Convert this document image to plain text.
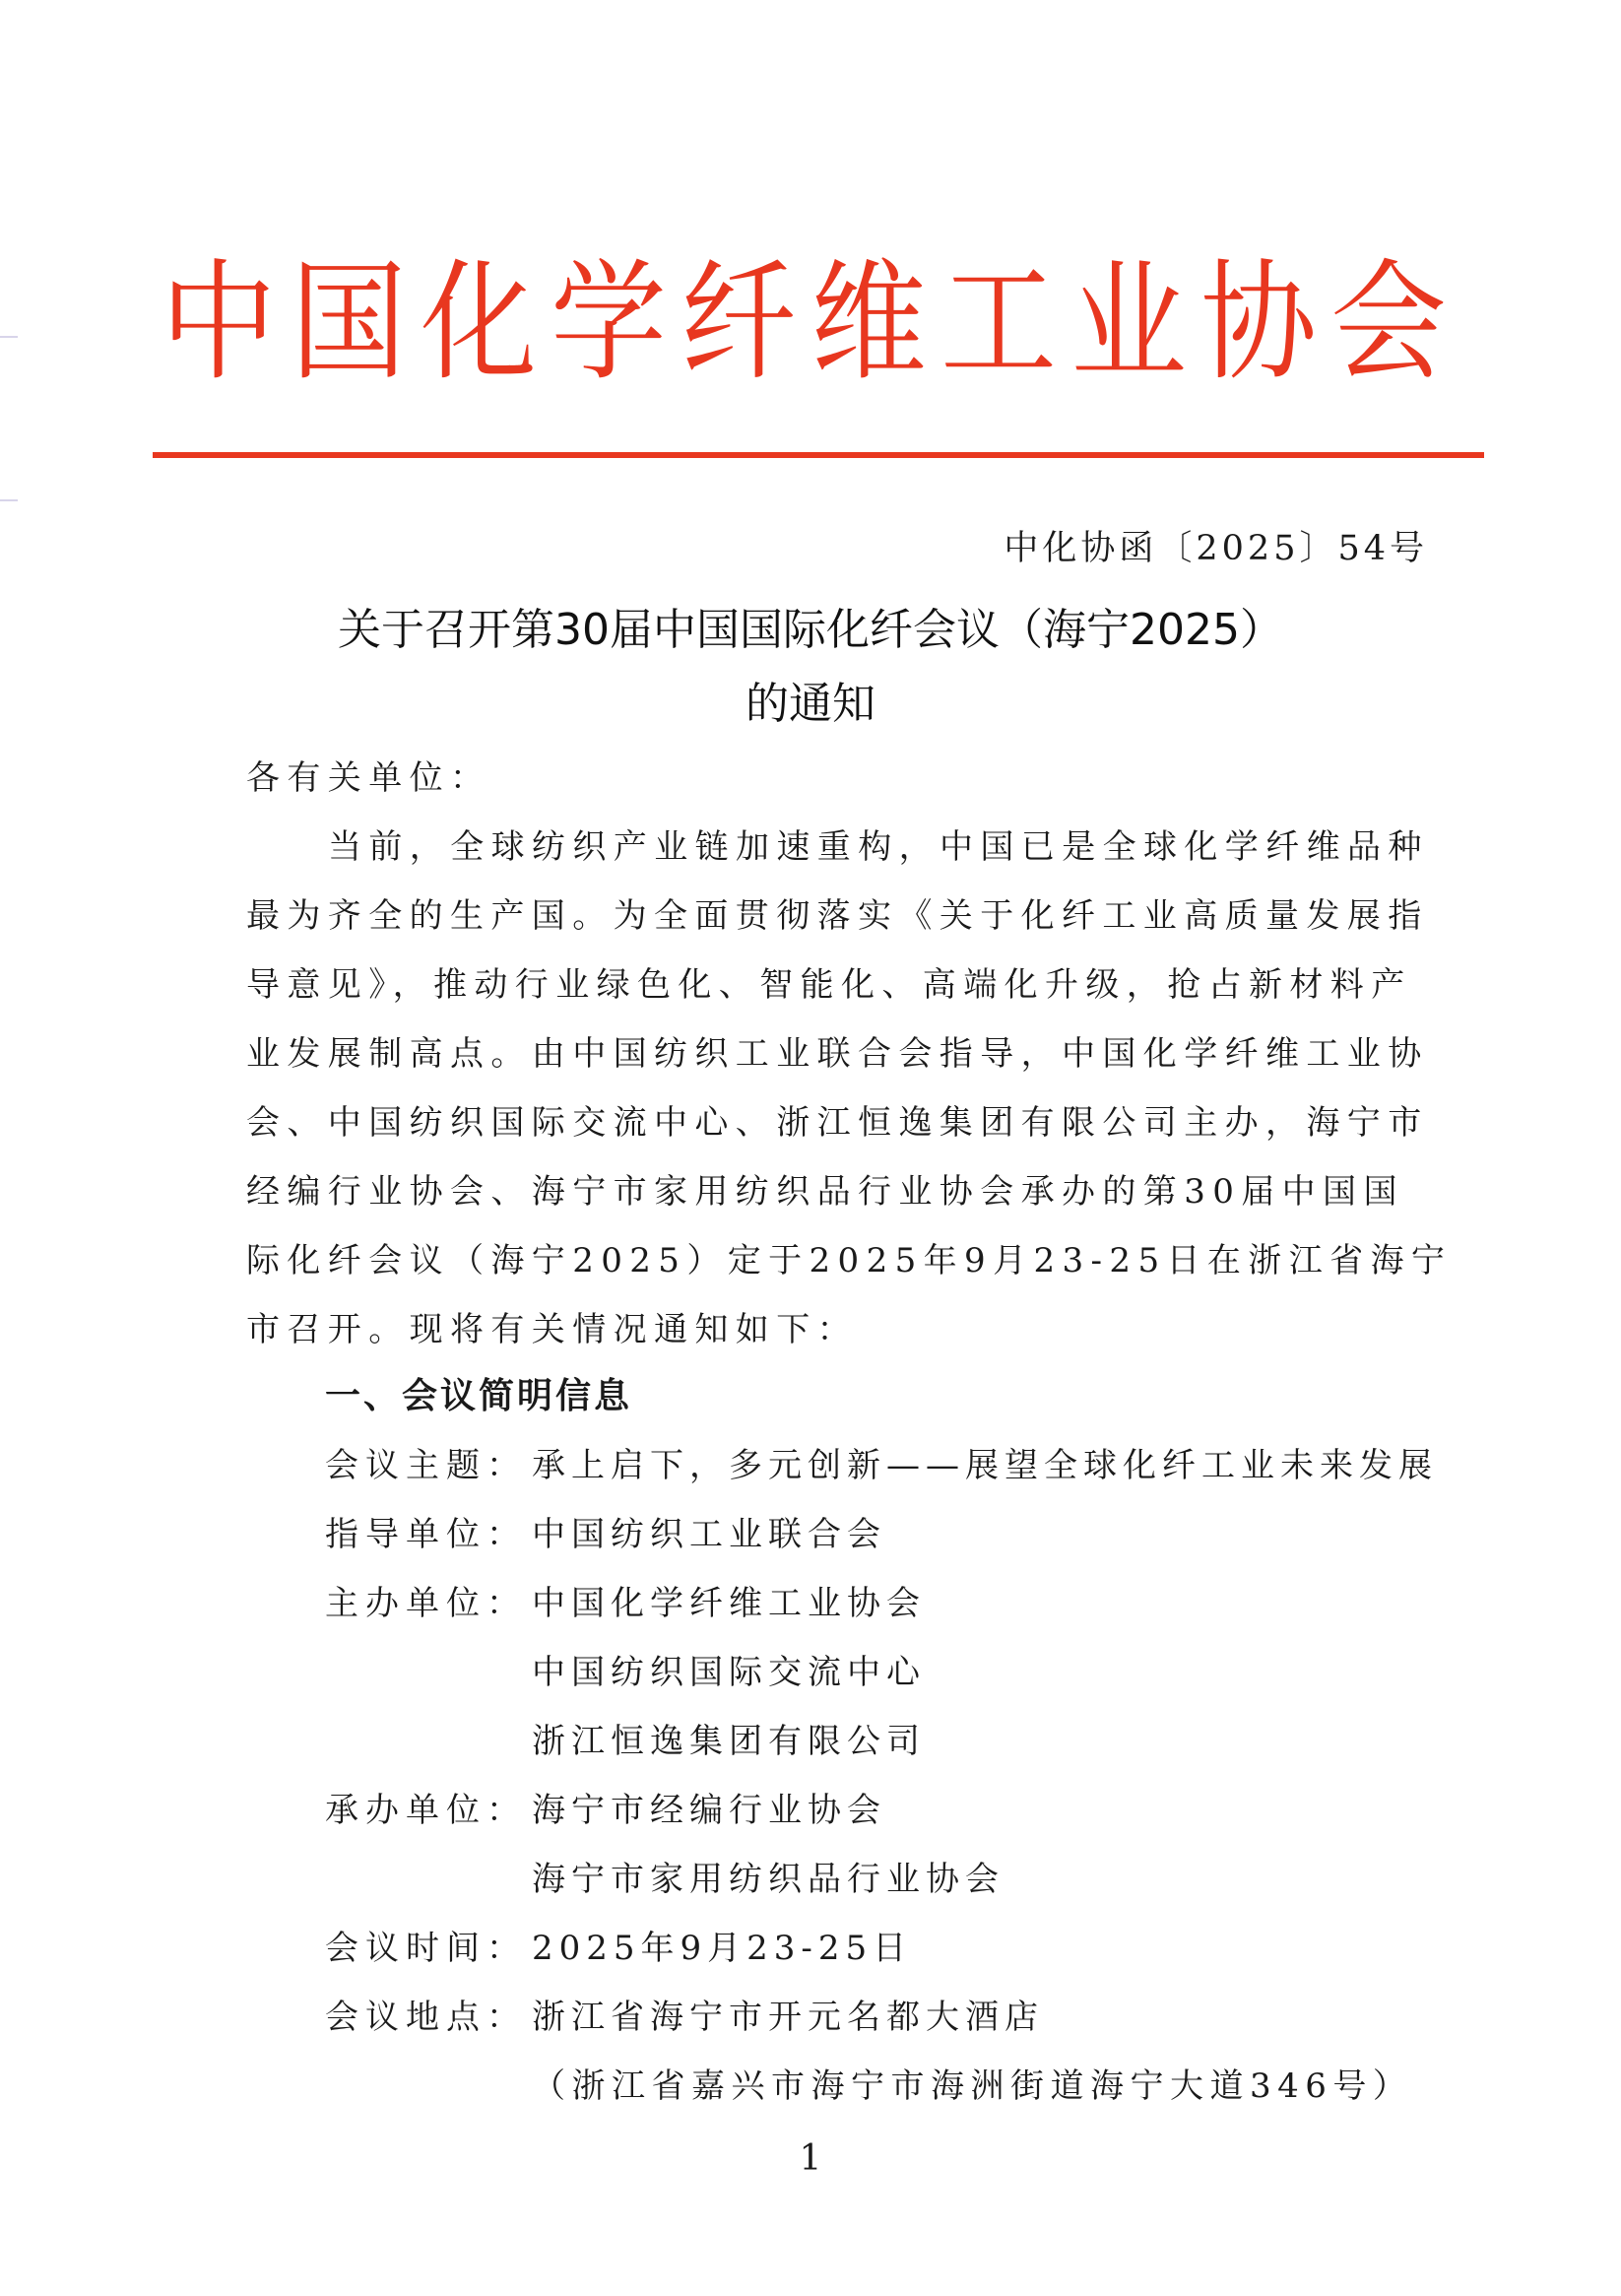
中国化学纤维工业协会
中化协函〔2025〕54号
关于召开第30届中国国际化纤会议（海宁2025）
的通知
各有关单位：
当前，全球纺织产业链加速重构，中国已是全球化学纤维品种
最为齐全的生产国。为全面贯彻落实《关于化纤工业高质量发展指
导意见》，推动行业绿色化、智能化、高端化升级，抢占新材料产
业发展制高点。由中国纺织工业联合会指导，中国化学纤维工业协
会、中国纺织国际交流中心、浙江恒逸集团有限公司主办，海宁市
经编行业协会、海宁市家用纺织品行业协会承办的第30届中国国
际化纤会议（海宁2025）定于2025年9月23-25日在浙江省海宁
市召开。现将有关情况通知如下：
一、会议简明信息
会议主题： 承上启下，多元创新——展望全球化纤工业未来发展
指导单位： 中国纺织工业联合会
主办单位： 中国化学纤维工业协会
中国纺织国际交流中心
浙江恒逸集团有限公司
承办单位： 海宁市经编行业协会
海宁市家用纺织品行业协会
会议时间： 2025年9月23-25日
会议地点： 浙江省海宁市开元名都大酒店
（浙江省嘉兴市海宁市海洲街道海宁大道346号）
1
